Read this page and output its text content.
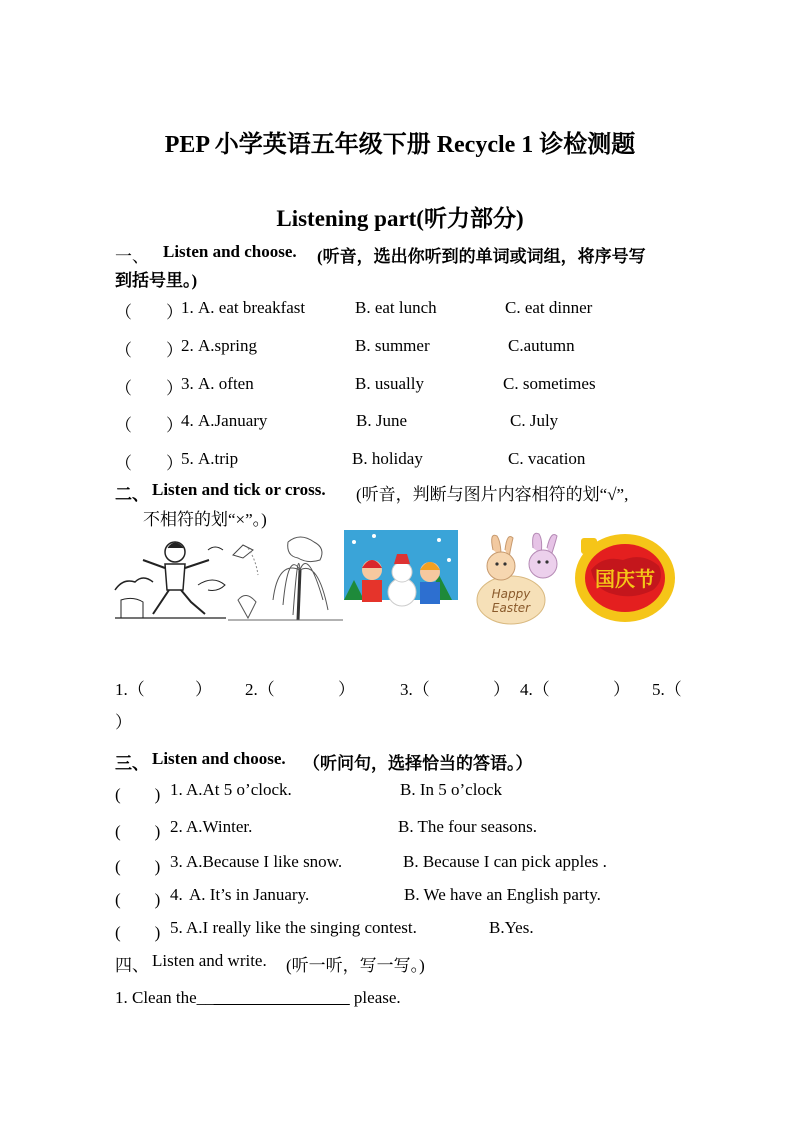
PEP 小学英语五年级下册 Recycle 1 诊检测题
Listening part(听力部分)
一、 Listen and choose. (听音，选出你听到的单词或词组，将序号写
到括号里。)
（　　）
1. A. eat breakfast	B. eat lunch	C. eat dinner
（　　）
2. A.spring	B. summer	C.autumn
（　　）
3. A. often	B. usually	C. sometimes
（　　）
4. A.January	B. June	C. July
（　　）
5. A.trip	B. holiday	C. vacation
二、 Listen and tick or cross. (听音，判断与图片内容相符的划“√”,
不相符的划“×”。)
Happy
Easter
国庆节
1.（	） 2.（	）	3.（	） 4.（	） 5.（
）
三、 Listen and choose. （听问句，选择恰当的答语。）
(　　) 1. A.At 5 o’clock.	B. In 5 o’clock
(　　) 2. A.Winter.	B. The four seasons.
(　　) 3. A.Because I like snow.	B. Because I can pick apples .
(　　) 4. A. It’s in January.	B. We have an English party.
(　　) 5. A.I really like the singing contest.	B.Yes.
四、 Listen and write. (听一听，写一写。)
1. Clean the__________________ please.
